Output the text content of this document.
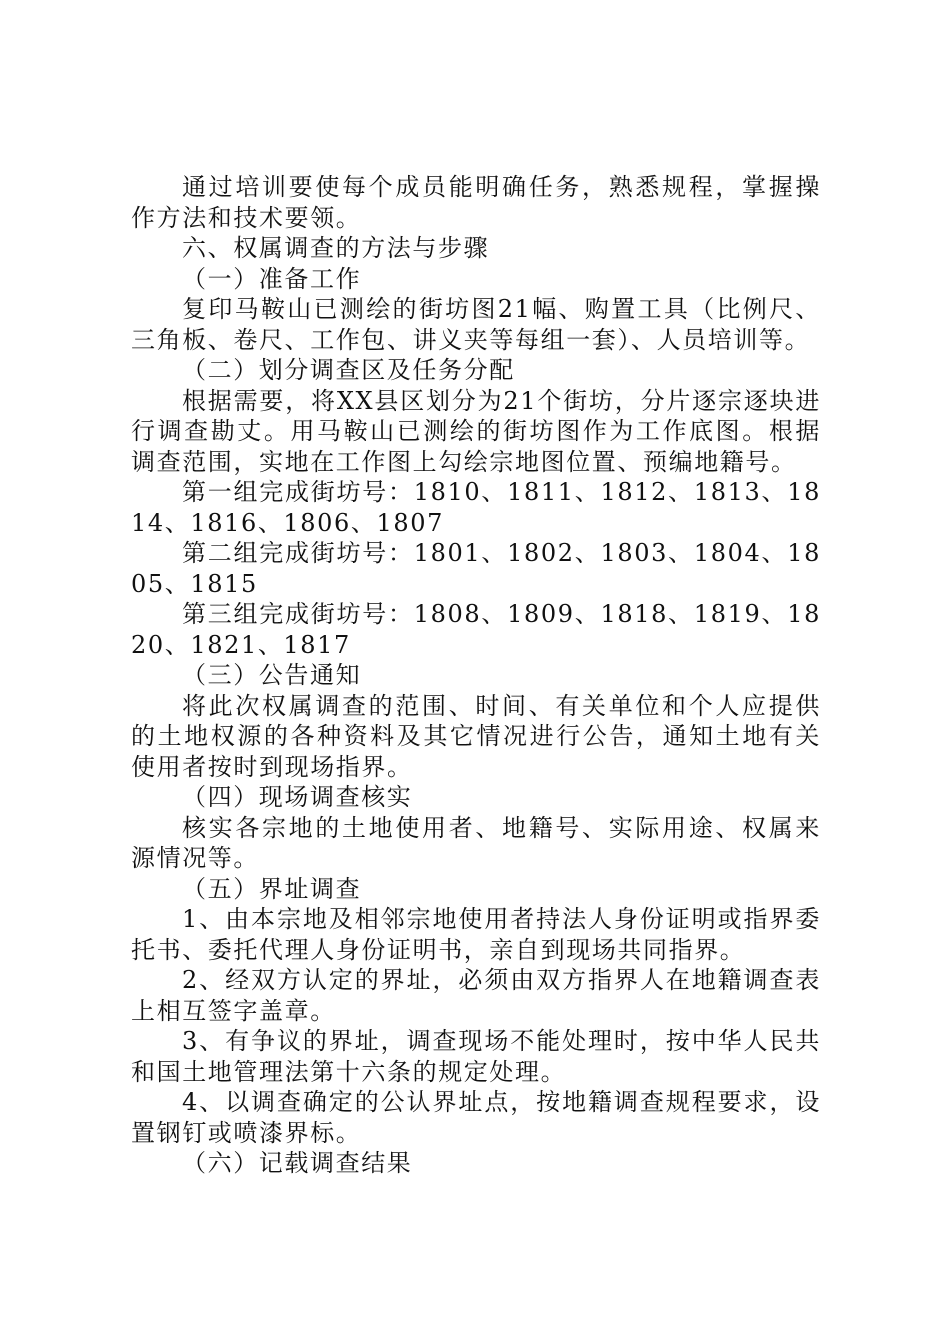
通过培训要使每个成员能明确任务，熟悉规程，掌握操作方法和技术要领。

六、权属调查的方法与步骤

（一）准备工作

复印马鞍山已测绘的街坊图21幅、购置工具（比例尺、三角板、卷尺、工作包、讲义夹等每组一套）、人员培训等。

（二）划分调查区及任务分配

根据需要，将XX县区划分为21个街坊，分片逐宗逐块进行调查勘丈。用马鞍山已测绘的街坊图作为工作底图。根据调查范围，实地在工作图上勾绘宗地图位置、预编地籍号。

第一组完成街坊号：1810、1811、1812、1813、1814、1816、1806、1807

第二组完成街坊号：1801、1802、1803、1804、1805、1815

第三组完成街坊号：1808、1809、1818、1819、1820、1821、1817

（三）公告通知

将此次权属调查的范围、时间、有关单位和个人应提供的土地权源的各种资料及其它情况进行公告，通知土地有关使用者按时到现场指界。

（四）现场调查核实

核实各宗地的土地使用者、地籍号、实际用途、权属来源情况等。

（五）界址调查

1、由本宗地及相邻宗地使用者持法人身份证明或指界委托书、委托代理人身份证明书，亲自到现场共同指界。

2、经双方认定的界址，必须由双方指界人在地籍调查表上相互签字盖章。

3、有争议的界址，调查现场不能处理时，按中华人民共和国土地管理法第十六条的规定处理。

4、以调查确定的公认界址点，按地籍调查规程要求，设置钢钉或喷漆界标。

（六）记载调查结果
